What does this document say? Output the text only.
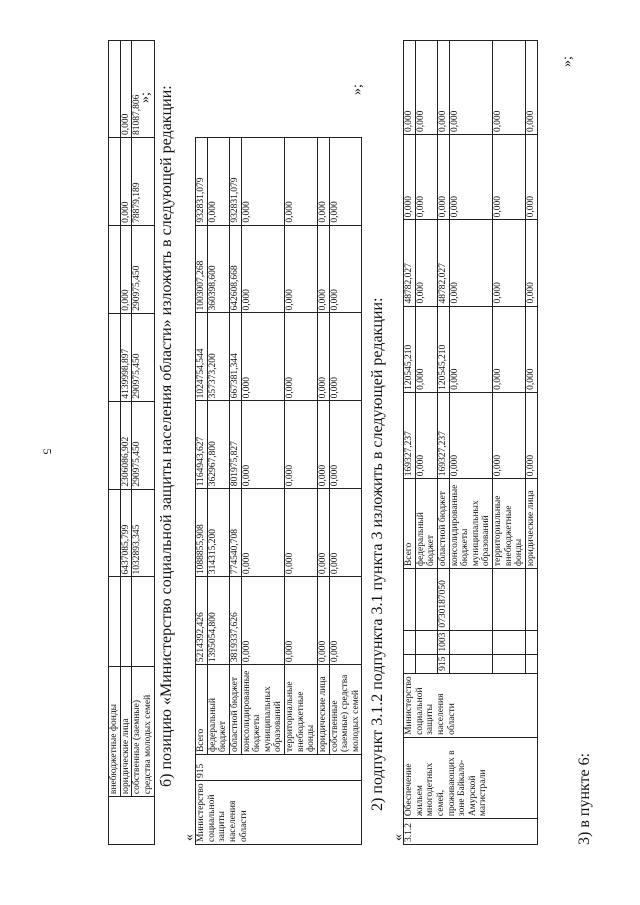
5
	внебюджетные фонды							
	юридические лица		6437085,799	2306086,902	4139998,897	0,000	0,000	0,000
	собственные (заемные) средства молодых семей		1032893,345	290975,450	290975,450	290975,450	78879,189	81087,806
»; б) позицию «Министерство социальной защиты населения области» изложить в следующей редакции:
« Министерство социальной защиты населения области	915	Всего	5214392,426	1088855,908	1164943,627	1024754,544	1003007,268	932831,079
		федеральный бюджет	1395054,800	314315,200	362967,800	357373,200	360398,600	0,000
		областной бюджет	3819337,626	774540,708	801975,827	667381,344	642608,668	932831,079
		консолидированные бюджеты муниципальных образований	0,000	0,000	0,000	0,000	0,000	0,000
		территориальные внебюджетные фонды	0,000	0,000	0,000	0,000	0,000	0,000
		юридические лица	0,000	0,000	0,000	0,000	0,000	0,000
		собственные (заемные) средства молодых семей	0,000	0,000	0,000	0,000	0,000	0,000
»;
2) подпункт 3.1.2 подпункта 3.1 пункта 3 изложить в следующей редакции:
«
3.1.2	Обеспечение жильем многодетных семей, проживающих в зоне Байкало-Амурской магистрали	Министерство социальной защиты населения области				Всего	169327,237	120545,210	48782,027	0,000	0,000
						федеральный бюджет	0,000	0,000	0,000	0,000	0,000
			915	1003	0730187050	областной бюджет	169327,237	120545,210	48782,027	0,000	0,000
						консолидированные бюджеты муниципальных образований	0,000	0,000	0,000	0,000	0,000
						территориальные внебюджетные фонды	0,000	0,000	0,000	0,000	0,000
						юридические лица	0,000	0,000	0,000	0,000	0,000
»;
3) в пункте 6:
